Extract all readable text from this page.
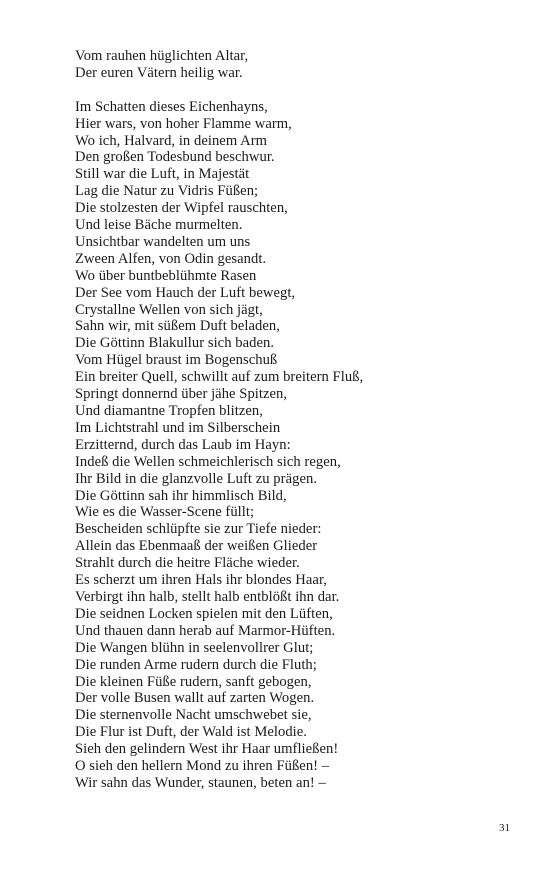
Vom rauhen hüglichten Altar,
Der euren Vätern heilig war.
Im Schatten dieses Eichenhayns,
Hier wars, von hoher Flamme warm,
Wo ich, Halvard, in deinem Arm
Den großen Todesbund beschwur.
Still war die Luft, in Majestät
Lag die Natur zu Vidris Füßen;
Die stolzesten der Wipfel rauschten,
Und leise Bäche murmelten.
Unsichtbar wandelten um uns
Zween Alfen, von Odin gesandt.
Wo über buntbeblühmte Rasen
Der See vom Hauch der Luft bewegt,
Crystallne Wellen von sich jägt,
Sahn wir, mit süßem Duft beladen,
Die Göttinn Blakullur sich baden.
Vom Hügel braust im Bogenschuß
Ein breiter Quell, schwillt auf zum breitern Fluß,
Springt donnernd über jähe Spitzen,
Und diamantne Tropfen blitzen,
Im Lichtstrahl und im Silberschein
Erzitternd, durch das Laub im Hayn:
Indeß die Wellen schmeichlerisch sich regen,
Ihr Bild in die glanzvolle Luft zu prägen.
Die Göttinn sah ihr himmlisch Bild,
Wie es die Wasser-Scene füllt;
Bescheiden schlüpfte sie zur Tiefe nieder:
Allein das Ebenmaaß der weißen Glieder
Strahlt durch die heitre Fläche wieder.
Es scherzt um ihren Hals ihr blondes Haar,
Verbirgt ihn halb, stellt halb entblößt ihn dar.
Die seidnen Locken spielen mit den Lüften,
Und thauen dann herab auf Marmor-Hüften.
Die Wangen blühn in seelenvollrer Glut;
Die runden Arme rudern durch die Fluth;
Die kleinen Füße rudern, sanft gebogen,
Der volle Busen wallt auf zarten Wogen.
Die sternenvolle Nacht umschwebet sie,
Die Flur ist Duft, der Wald ist Melodie.
Sieh den gelindern West ihr Haar umfließen!
O sieh den hellern Mond zu ihren Füßen! –
Wir sahn das Wunder, staunen, beten an! –
31
